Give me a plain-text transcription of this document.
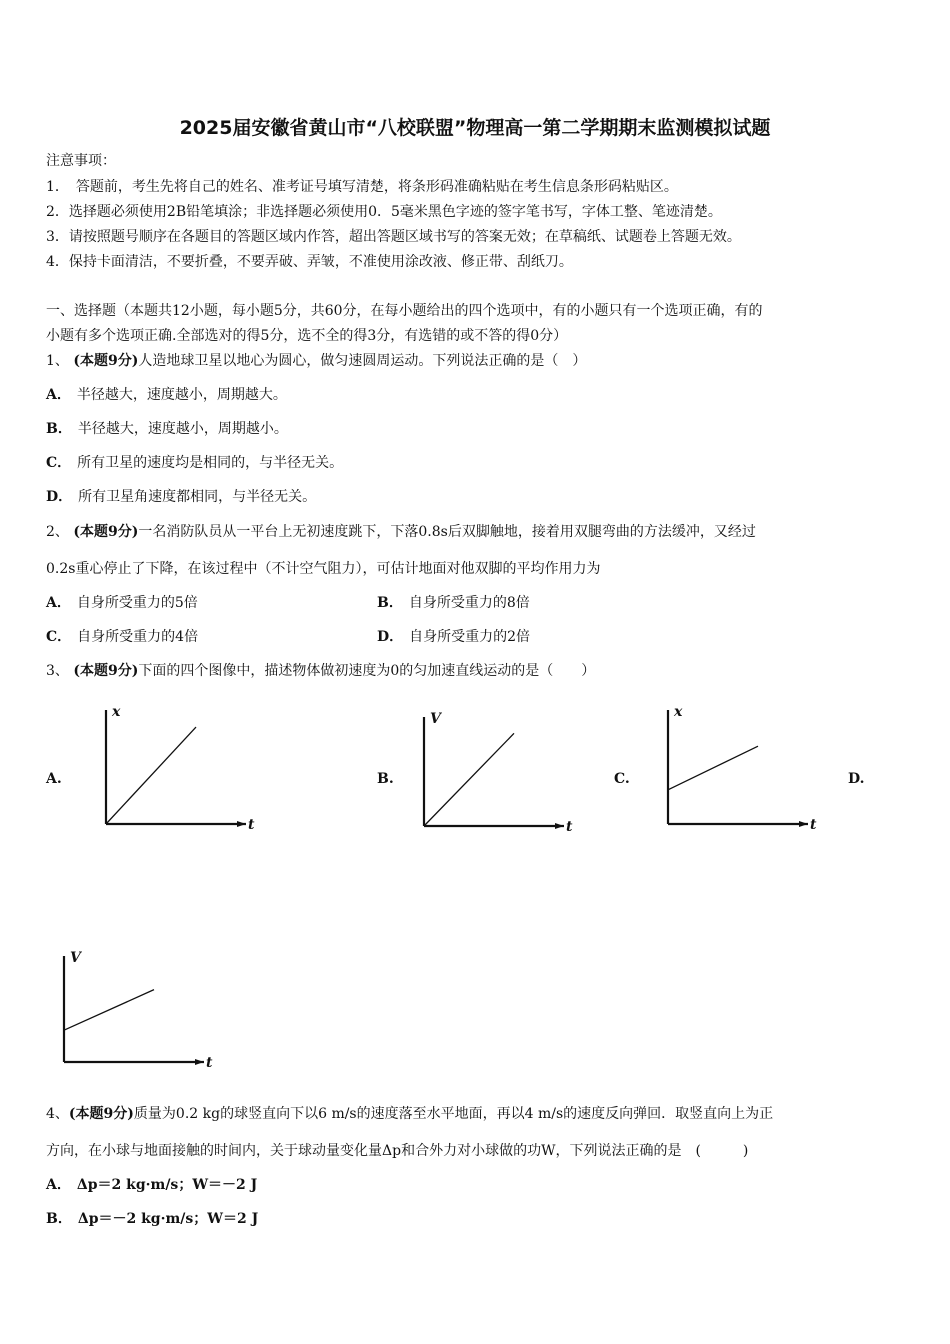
2025届安徽省黄山市“八校联盟”物理高一第二学期期末监测模拟试题
注意事项：
1．　答题前，考生先将自己的姓名、准考证号填写清楚，将条形码准确粘贴在考生信息条形码粘贴区。
2．选择题必须使用2B铅笔填涂；非选择题必须使用0．5毫米黑色字迹的签字笔书写，字体工整、笔迹清楚。
3．请按照题号顺序在各题目的答题区域内作答，超出答题区域书写的答案无效；在草稿纸、试题卷上答题无效。
4．保持卡面清洁，不要折叠，不要弄破、弄皱，不准使用涂改液、修正带、刮纸刀。
一、选择题（本题共12小题，每小题5分，共60分，在每小题给出的四个选项中，有的小题只有一个选项正确，有的
小题有多个选项正确.全部选对的得5分，选不全的得3分，有选错的或不答的得0分）
1、 (本题9分)人造地球卫星以地心为圆心，做匀速圆周运动。下列说法正确的是（　）
A． 半径越大，速度越小，周期越大。
B． 半径越大，速度越小，周期越小。
C． 所有卫星的速度均是相同的，与半径无关。
D． 所有卫星角速度都相同，与半径无关。
2、 (本题9分)一名消防队员从一平台上无初速度跳下，下落0.8s后双脚触地，接着用双腿弯曲的方法缓冲，又经过
0.2s重心停止了下降，在该过程中（不计空气阻力），可估计地面对他双脚的平均作用力为
A． 自身所受重力的5倍	B． 自身所受重力的8倍
C． 自身所受重力的4倍	D． 自身所受重力的2倍
3、 (本题9分)下面的四个图像中，描述物体做初速度为0的匀加速直线运动的是（　　）
A.	B.	C.	D.
x
t
V
t
x
t
V
t
4、(本题9分)质量为0.2 kg的球竖直向下以6 m/s的速度落至水平地面，再以4 m/s的速度反向弹回．取竖直向上为正
方向，在小球与地面接触的时间内，关于球动量变化量Δp和合外力对小球做的功W，下列说法正确的是　(　　　)
A． Δp＝2 kg·m/s；W＝－2 J
B． Δp＝－2 kg·m/s；W＝2 J
